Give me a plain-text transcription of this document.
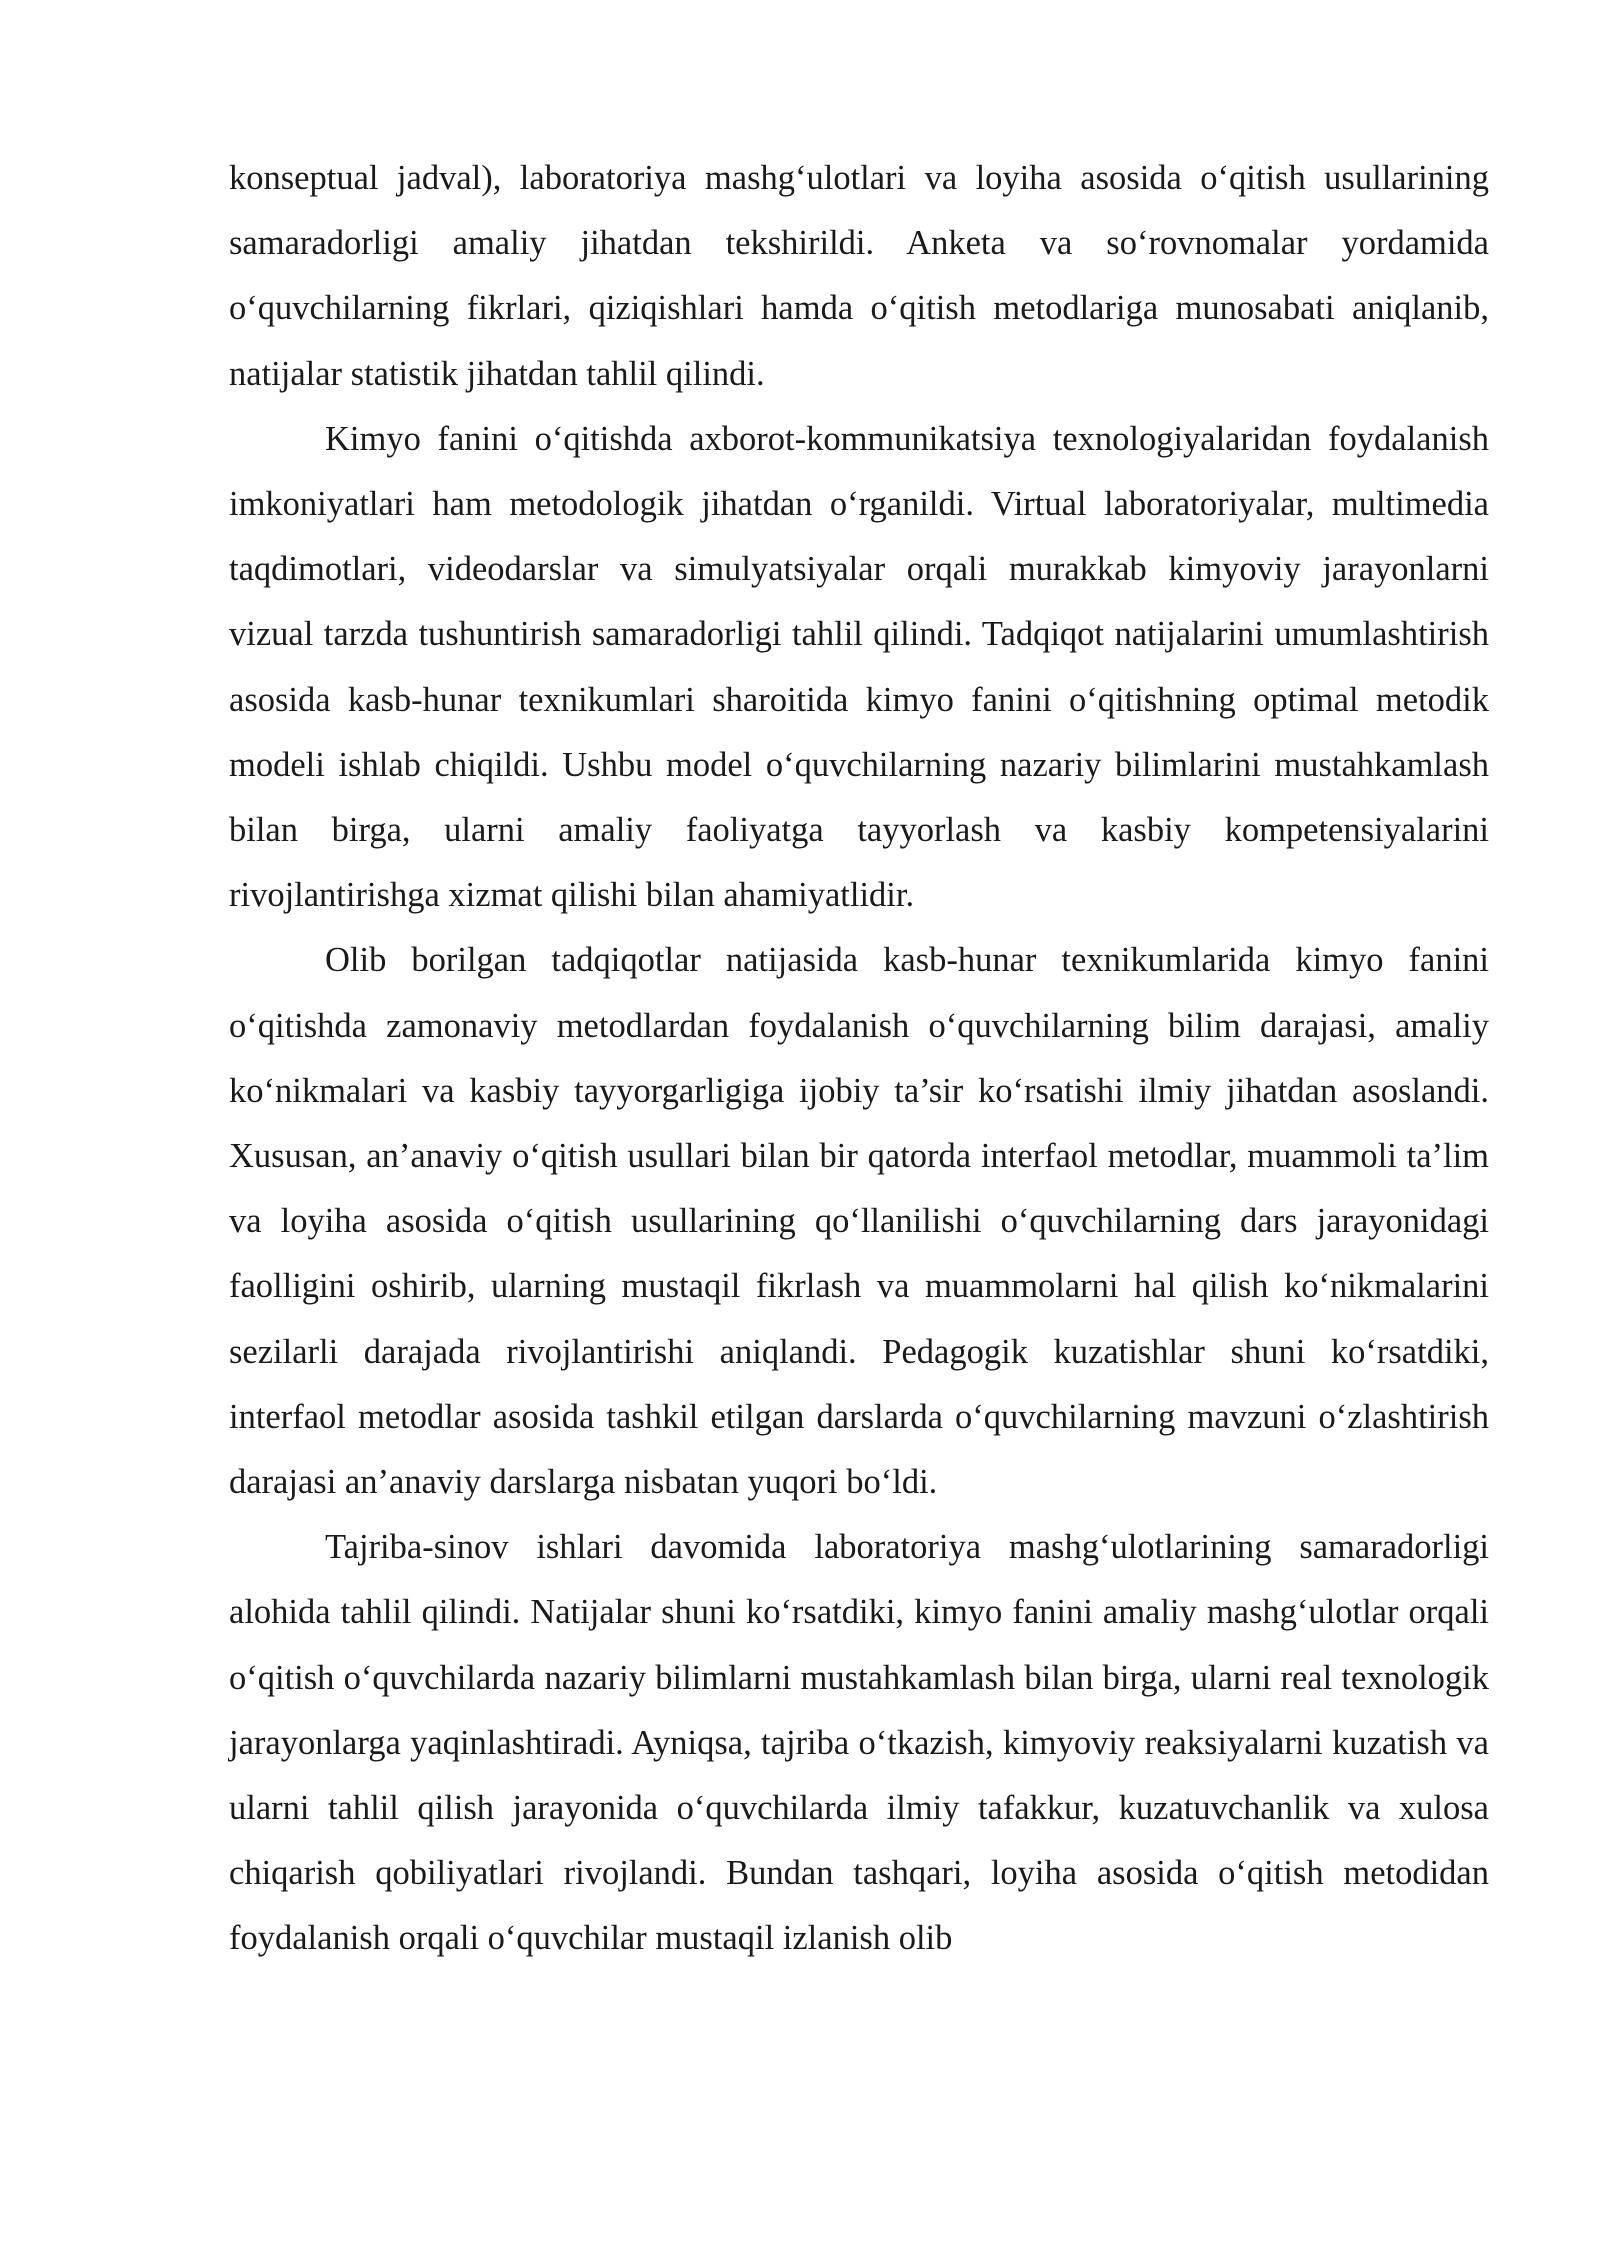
konseptual jadval), laboratoriya mashg‘ulotlari va loyiha asosida o‘qitish usullarining samaradorligi amaliy jihatdan tekshirildi. Anketa va so‘rovnomalar yordamida o‘quvchilarning fikrlari, qiziqishlari hamda o‘qitish metodlariga munosabati aniqlanib, natijalar statistik jihatdan tahlil qilindi.

Kimyo fanini o‘qitishda axborot-kommunikatsiya texnologiyalaridan foydalanish imkoniyatlari ham metodologik jihatdan o‘rganildi. Virtual laboratoriyalar, multimedia taqdimotlari, videodarslar va simulyatsiyalar orqali murakkab kimyoviy jarayonlarni vizual tarzda tushuntirish samaradorligi tahlil qilindi. Tadqiqot natijalarini umumlashtirish asosida kasb-hunar texnikumlari sharoitida kimyo fanini o‘qitishning optimal metodik modeli ishlab chiqildi. Ushbu model o‘quvchilarning nazariy bilimlarini mustahkamlash bilan birga, ularni amaliy faoliyatga tayyorlash va kasbiy kompetensiyalarini rivojlantirishga xizmat qilishi bilan ahamiyatlidir.

Olib borilgan tadqiqotlar natijasida kasb-hunar texnikumlarida kimyo fanini o‘qitishda zamonaviy metodlardan foydalanish o‘quvchilarning bilim darajasi, amaliy ko‘nikmalari va kasbiy tayyorgarligiga ijobiy ta’sir ko‘rsatishi ilmiy jihatdan asoslandi. Xususan, an’anaviy o‘qitish usullari bilan bir qatorda interfaol metodlar, muammoli ta’lim va loyiha asosida o‘qitish usullarining qo‘llanilishi o‘quvchilarning dars jarayonidagi faolligini oshirib, ularning mustaqil fikrlash va muammolarni hal qilish ko‘nikmalarini sezilarli darajada rivojlantirishi aniqlandi. Pedagogik kuzatishlar shuni ko‘rsatdiki, interfaol metodlar asosida tashkil etilgan darslarda o‘quvchilarning mavzuni o‘zlashtirish darajasi an’anaviy darslarga nisbatan yuqori bo‘ldi.

Tajriba-sinov ishlari davomida laboratoriya mashg‘ulotlarining samaradorligi alohida tahlil qilindi. Natijalar shuni ko‘rsatdiki, kimyo fanini amaliy mashg‘ulotlar orqali o‘qitish o‘quvchilarda nazariy bilimlarni mustahkamlash bilan birga, ularni real texnologik jarayonlarga yaqinlashtiradi. Ayniqsa, tajriba o‘tkazish, kimyoviy reaksiyalarni kuzatish va ularni tahlil qilish jarayonida o‘quvchilarda ilmiy tafakkur, kuzatuvchanlik va xulosa chiqarish qobiliyatlari rivojlandi. Bundan tashqari, loyiha asosida o‘qitish metodidan foydalanish orqali o‘quvchilar mustaqil izlanish olib
